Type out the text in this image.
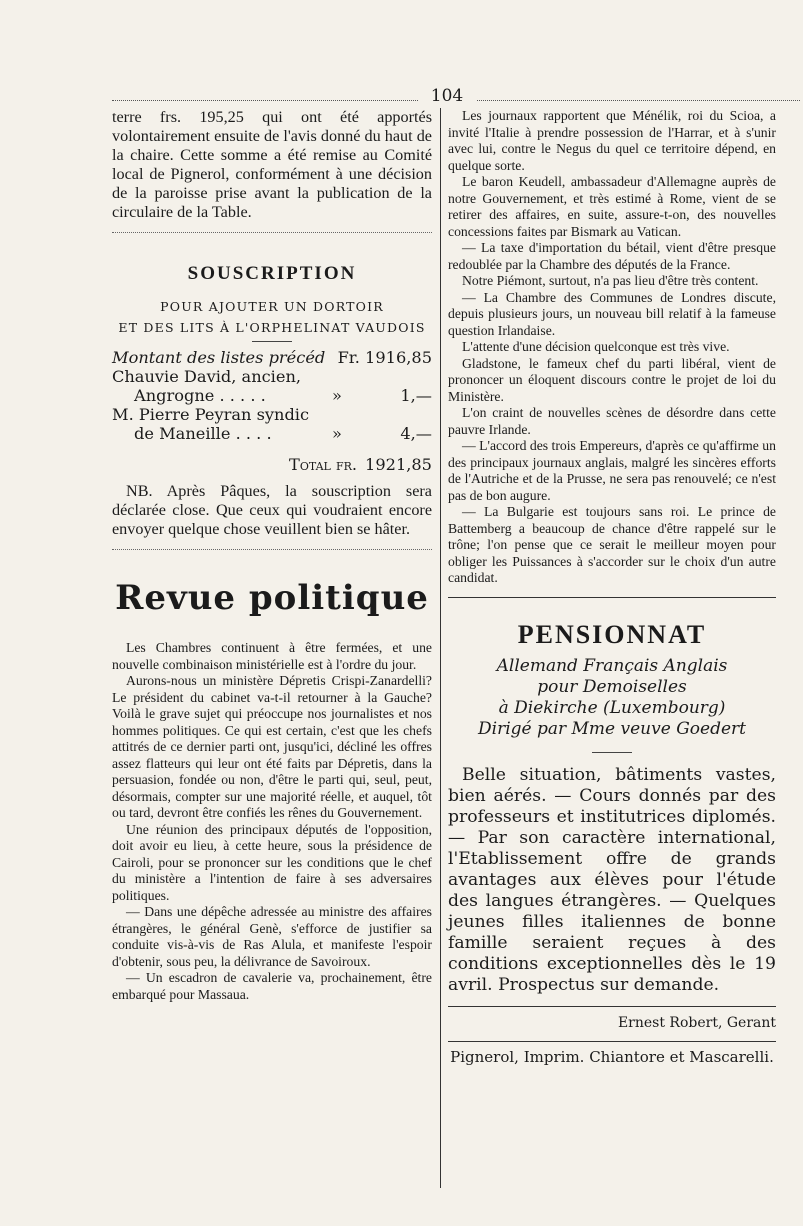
104

terre frs. 195,25 qui ont été apportés volontairement ensuite de l'avis donné du haut de la chaire. Cette somme a été remise au Comité local de Pignerol, conformément à une décision de la paroisse prise avant la publication de la circulaire de la Table.

SOUSCRIPTION
POUR AJOUTER UN DORTOIR
ET DES LITS À L'ORPHELINAT VAUDOIS
Montant des listes précéd Fr. 1916,85
Chauvie David, ancien,
Angrogne . . . . .	»	1,—
M. Pierre Peyran syndic
de Maneille . . . .	»	4,—
Total fr. 1921,85

NB. Après Pâques, la souscription sera déclarée close. Que ceux qui voudraient encore envoyer quelque chose veuillent bien se hâter.

Revue politique

Les Chambres continuent à être fermées, et une nouvelle combinaison ministérielle est à l'ordre du jour.

Aurons-nous un ministère Dépretis Crispi-Zanardelli? Le président du cabinet va-t-il retourner à la Gauche? Voilà le grave sujet qui préoccupe nos journalistes et nos hommes politiques. Ce qui est certain, c'est que les chefs attitrés de ce dernier parti ont, jusqu'ici, décliné les offres assez flatteurs qui leur ont été faits par Dépretis, dans la persuasion, fondée ou non, d'être le parti qui, seul, peut, désormais, compter sur une majorité réelle, et auquel, tôt ou tard, devront être confiés les rênes du Gouvernement.

Une réunion des principaux députés de l'opposition, doit avoir eu lieu, à cette heure, sous la présidence de Cairoli, pour se prononcer sur les conditions que le chef du ministère a l'intention de faire à ses adversaires politiques.

— Dans une dépêche adressée au ministre des affaires étrangères, le général Genè, s'efforce de justifier sa conduite vis-à-vis de Ras Alula, et manifeste l'espoir d'obtenir, sous peu, la délivrance de Savoiroux.

— Un escadron de cavalerie va, prochainement, être embarqué pour Massaua.

Les journaux rapportent que Ménélik, roi du Scioa, a invité l'Italie à prendre possession de l'Harrar, et à s'unir avec lui, contre le Negus du quel ce territoire dépend, en quelque sorte.

Le baron Keudell, ambassadeur d'Allemagne auprès de notre Gouvernement, et très estimé à Rome, vient de se retirer des affaires, en suite, assure-t-on, des nouvelles concessions faites par Bismark au Vatican.

— La taxe d'importation du bétail, vient d'être presque redoublée par la Chambre des députés de la France.

Notre Piémont, surtout, n'a pas lieu d'être très content.

— La Chambre des Communes de Londres discute, depuis plusieurs jours, un nouveau bill relatif à la fameuse question Irlandaise.

L'attente d'une décision quelconque est très vive.

Gladstone, le fameux chef du parti libéral, vient de prononcer un éloquent discours contre le projet de loi du Ministère.

L'on craint de nouvelles scènes de désordre dans cette pauvre Irlande.

— L'accord des trois Empereurs, d'après ce qu'affirme un des principaux journaux anglais, malgré les sincères efforts de l'Autriche et de la Prusse, ne sera pas renouvelé; ce n'est pas de bon augure.

— La Bulgarie est toujours sans roi. Le prince de Battemberg a beaucoup de chance d'être rappelé sur le trône; l'on pense que ce serait le meilleur moyen pour obliger les Puissances à s'accorder sur le choix d'un autre candidat.

PENSIONNAT
Allemand Français Anglais
pour Demoiselles
à Diekirche (Luxembourg)
Dirigé par Mme veuve Goedert

Belle situation, bâtiments vastes, bien aérés. — Cours donnés par des professeurs et institutrices diplomés. — Par son caractère international, l'Etablissement offre de grands avantages aux élèves pour l'étude des langues étrangères. — Quelques jeunes filles italiennes de bonne famille seraient reçues à des conditions exceptionnelles dès le 19 avril. Prospectus sur demande.

Ernest Robert, Gerant
Pignerol, Imprim. Chiantore et Mascarelli.
